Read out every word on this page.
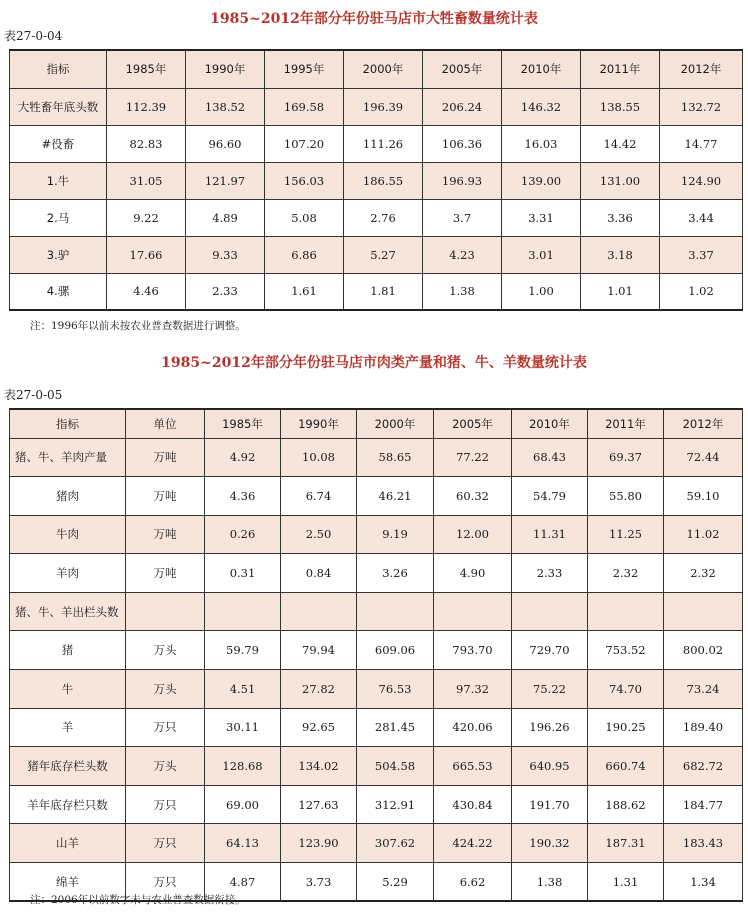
1985~2012年部分年份驻马店市大牲畜数量统计表
表27-0-04
指标	1985年	1990年	1995年	2000年	2005年	2010年	2011年	2012年
大牲畜年底头数	112.39	138.52	169.58	196.39	206.24	146.32	138.55	132.72
#役畜	82.83	96.60	107.20	111.26	106.36	16.03	14.42	14.77
1.牛	31.05	121.97	156.03	186.55	196.93	139.00	131.00	124.90
2.马	9.22	4.89	5.08	2.76	3.7	3.31	3.36	3.44
3.驴	17.66	9.33	6.86	5.27	4.23	3.01	3.18	3.37
4.骡	4.46	2.33	1.61	1.81	1.38	1.00	1.01	1.02
注：1996年以前未按农业普查数据进行调整。
1985~2012年部分年份驻马店市肉类产量和猪、牛、羊数量统计表
表27-0-05
指标	单位	1985年	1990年	2000年	2005年	2010年	2011年	2012年
猪、牛、羊肉产量	万吨	4.92	10.08	58.65	77.22	68.43	69.37	72.44
猪肉	万吨	4.36	6.74	46.21	60.32	54.79	55.80	59.10
牛肉	万吨	0.26	2.50	9.19	12.00	11.31	11.25	11.02
羊肉	万吨	0.31	0.84	3.26	4.90	2.33	2.32	2.32
猪、牛、羊出栏头数								
猪	万头	59.79	79.94	609.06	793.70	729.70	753.52	800.02
牛	万头	4.51	27.82	76.53	97.32	75.22	74.70	73.24
羊	万只	30.11	92.65	281.45	420.06	196.26	190.25	189.40
猪年底存栏头数	万头	128.68	134.02	504.58	665.53	640.95	660.74	682.72
羊年底存栏只数	万只	69.00	127.63	312.91	430.84	191.70	188.62	184.77
山羊	万只	64.13	123.90	307.62	424.22	190.32	187.31	183.43
绵羊	万只	4.87	3.73	5.29	6.62	1.38	1.31	1.34
注：2006年以前数字未与农业普查数据衔接。
